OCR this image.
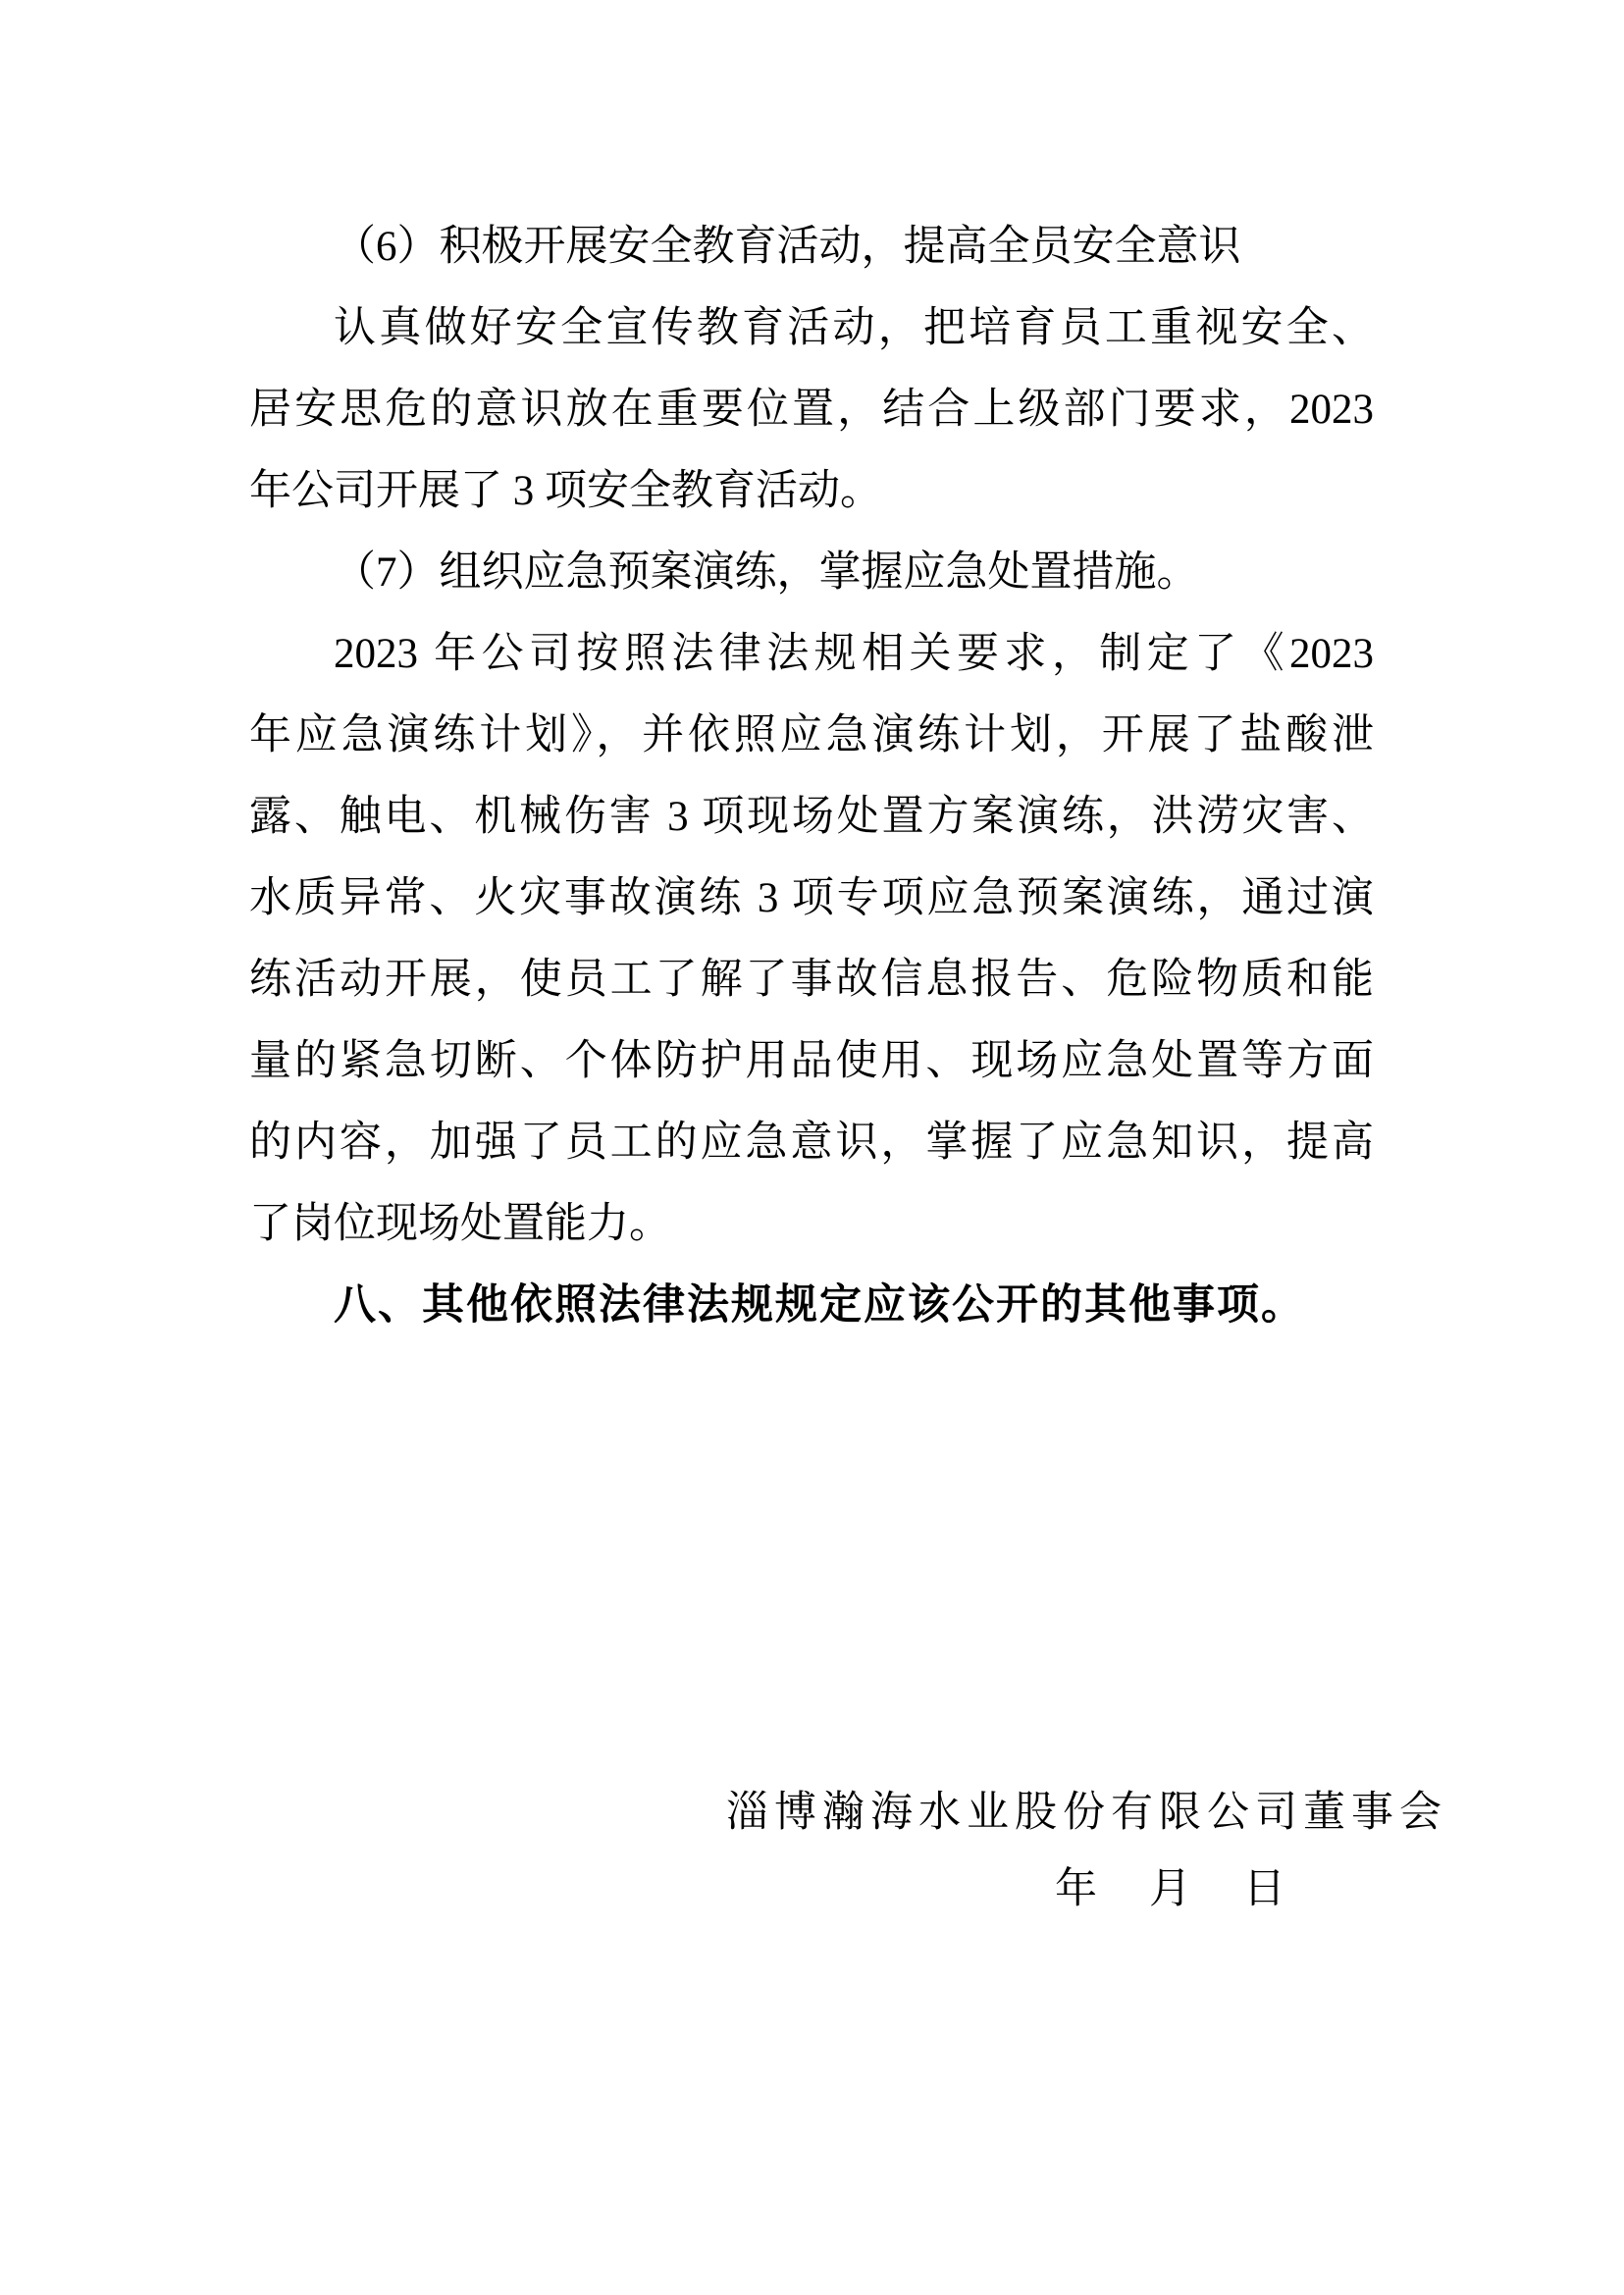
（6）积极开展安全教育活动，提高全员安全意识
认真做好安全宣传教育活动，把培育员工重视安全、
居安思危的意识放在重要位置，结合上级部门要求，2023
年公司开展了 3 项安全教育活动。
（7）组织应急预案演练，掌握应急处置措施。
2023 年公司按照法律法规相关要求，制定了《2023
年应急演练计划》，并依照应急演练计划，开展了盐酸泄
露、触电、机械伤害 3 项现场处置方案演练，洪涝灾害、
水质异常、火灾事故演练 3 项专项应急预案演练，通过演
练活动开展，使员工了解了事故信息报告、危险物质和能
量的紧急切断、个体防护用品使用、现场应急处置等方面
的内容，加强了员工的应急意识，掌握了应急知识，提高
了岗位现场处置能力。
八、其他依照法律法规规定应该公开的其他事项。
淄博瀚海水业股份有限公司董事会
年　月　日
